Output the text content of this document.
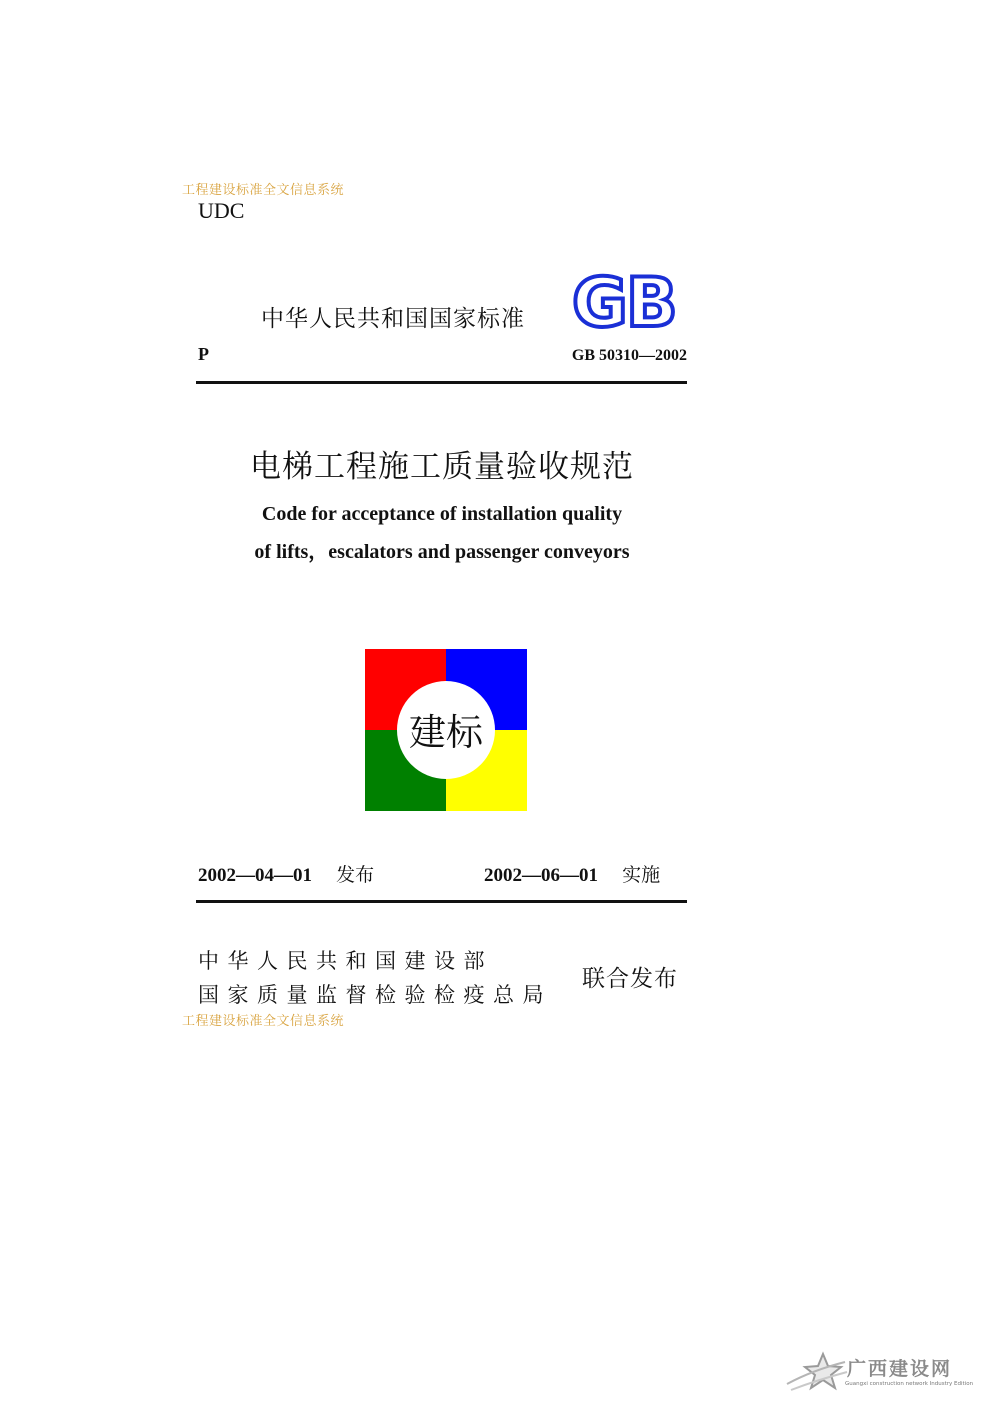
工程建设标准全文信息系统
UDC
中华人民共和国国家标准 GB
P	GB 50310—2002
电梯工程施工质量验收规范
Code for acceptance of installation quality
of lifts，escalators and passenger conveyors
建标
2002—04—01 发布	2002—06—01 实施
中华人民共和国建设部
国家质量监督检验检疫总局
联合发布
工程建设标准全文信息系统
广西建设网
Guangxi construction network Industry Edition
